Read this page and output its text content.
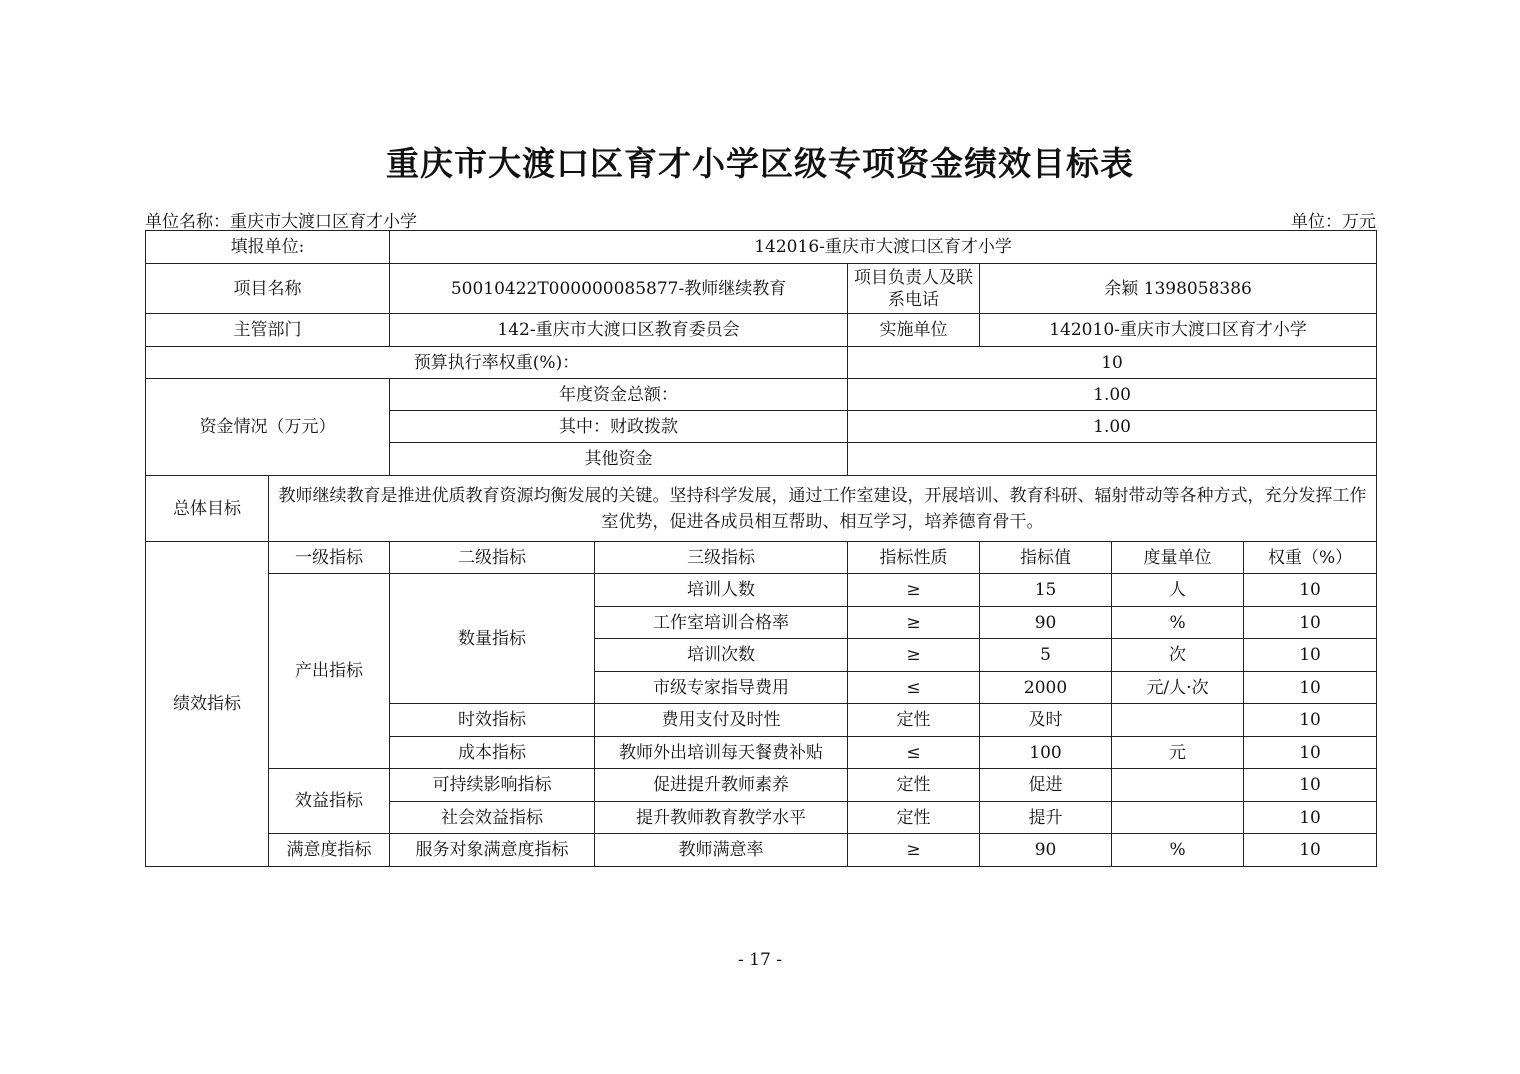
重庆市大渡口区育才小学区级专项资金绩效目标表
单位名称：重庆市大渡口区育才小学	单位：万元
填报单位:		142016-重庆市大渡口区育才小学					
项目名称		50010422T000000085877-教师继续教育		项目负责人及联系电话	余颖 1398058386		
主管部门		142-重庆市大渡口区教育委员会		实施单位	142010-重庆市大渡口区育才小学		
预算执行率权重(%)：				10			
资金情况（万元）		年度资金总额：		1.00			
		其中：财政拨款		1.00			
		其他资金					
总体目标	教师继续教育是推进优质教育资源均衡发展的关键。坚持科学发展，通过工作室建设，开展培训、教育科研、辐射带动等各种方式，充分发挥工作室优势，促进各成员相互帮助、相互学习，培养德育骨干。						
绩效指标	一级指标	二级指标	三级指标	指标性质	指标值	度量单位	权重（%）
	产出指标	数量指标	培训人数	≥	15	人	10
			工作室培训合格率	≥	90	%	10
			培训次数	≥	5	次	10
			市级专家指导费用	≤	2000	元/人·次	10
		时效指标	费用支付及时性	定性	及时		10
		成本指标	教师外出培训每天餐费补贴	≤	100	元	10
	效益指标	可持续影响指标	促进提升教师素养	定性	促进		10
		社会效益指标	提升教师教育教学水平	定性	提升		10
	满意度指标	服务对象满意度指标	教师满意率	≥	90	%	10
- 17 -
